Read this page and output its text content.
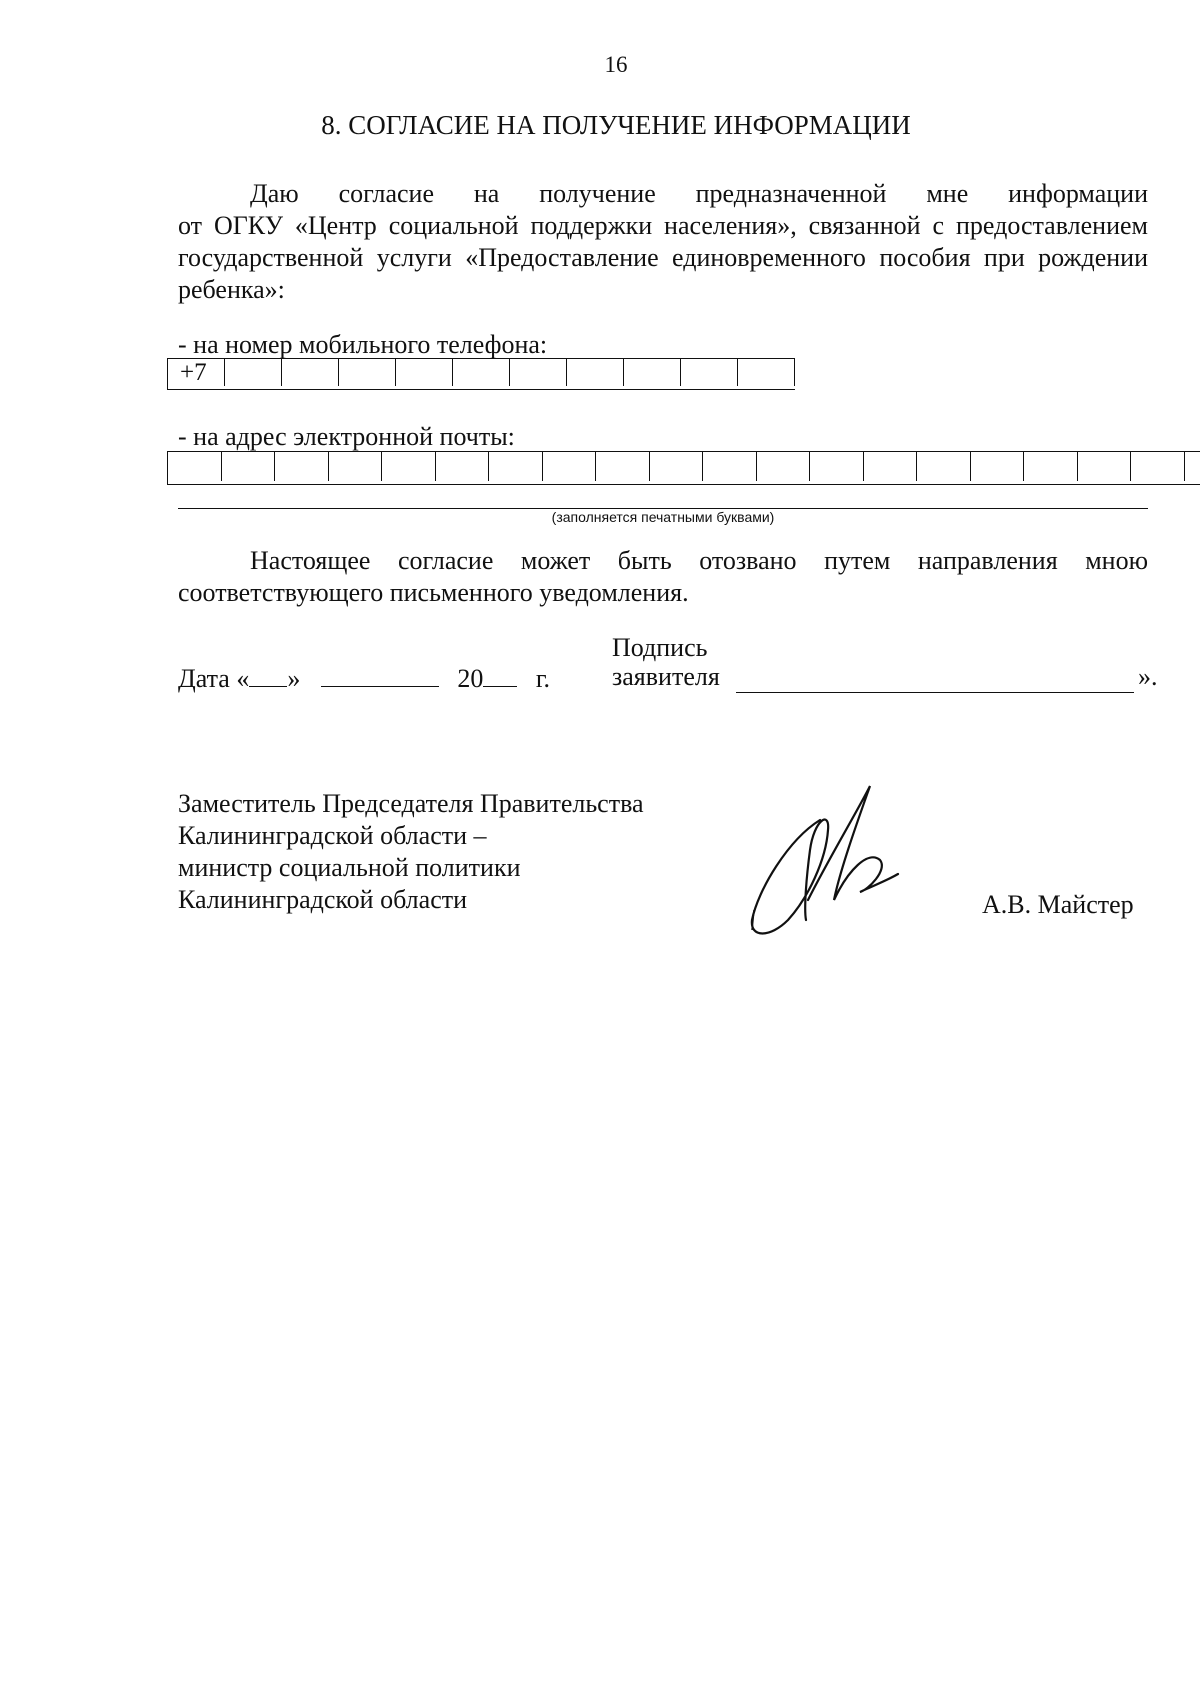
16
8. СОГЛАСИЕ НА ПОЛУЧЕНИЕ ИНФОРМАЦИИ
Даю согласие на получение предназначенной мне информации
от ОГКУ «Центр социальной поддержки населения», связанной с предоставлением государственной услуги «Предоставление единовременного пособия при рождении ребенка»:
- на номер мобильного телефона:
+7
- на адрес электронной почты:
(заполняется печатными буквами)
Настоящее согласие может быть отозвано путем направления мною
соответствующего письменного уведомления.
Дата « »	20 г.
Подпись
заявителя	».
Заместитель Председателя Правительства
Калининградской области –
министр социальной политики
Калининградской области	А.В. Майстер
